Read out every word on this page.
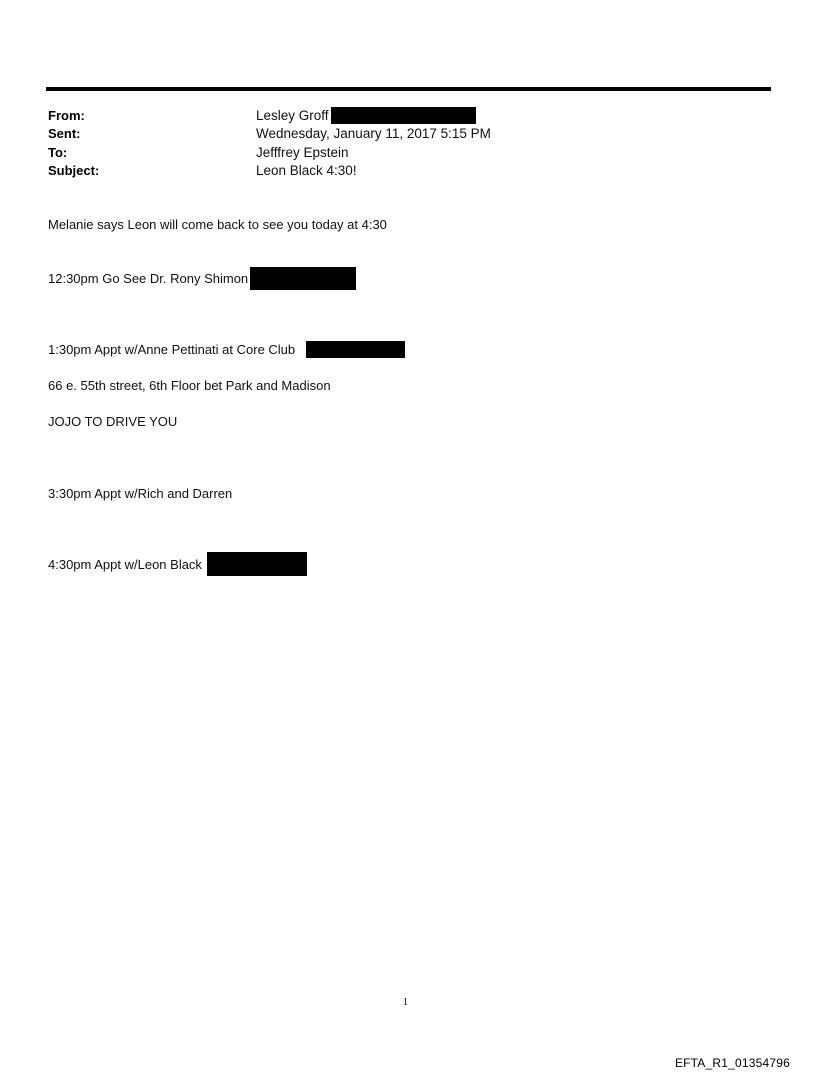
From:	Lesley Groff
Sent:	Wednesday, January 11, 2017 5:15 PM
To:	Jefffrey Epstein
Subject:	Leon Black 4:30!
Melanie says Leon will come back to see you today at 4:30
12:30pm Go See Dr. Rony Shimon
1:30pm Appt w/Anne Pettinati at Core Club
66 e. 55th street, 6th Floor bet Park and Madison
JOJO TO DRIVE YOU
3:30pm Appt w/Rich and Darren
4:30pm Appt w/Leon Black
1
EFTA_R1_01354796
